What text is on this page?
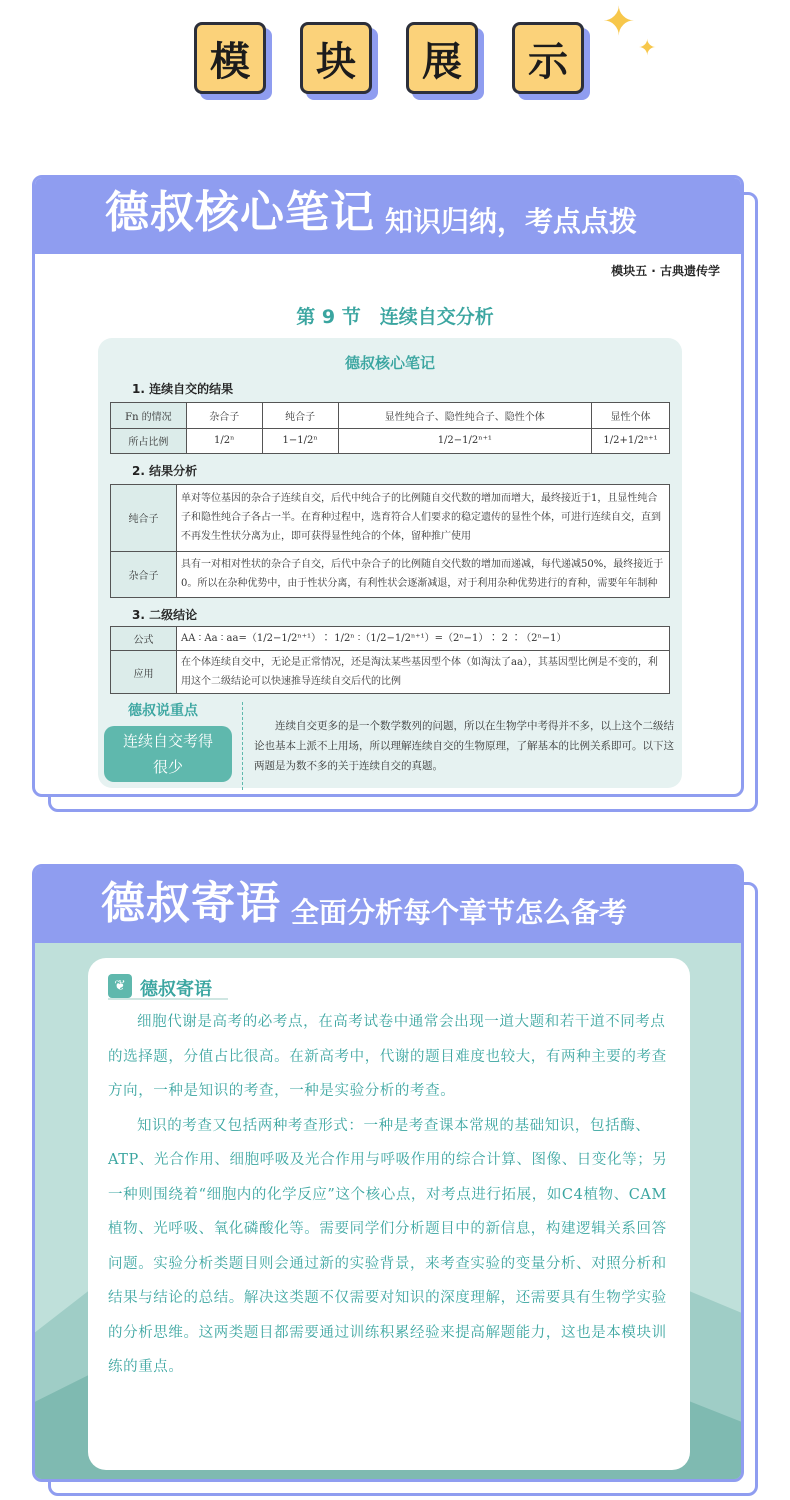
模	块	展	示
✦
✦
德叔核心笔记 知识归纳，考点点拨
模块五 · 古典遗传学
第 9 节　连续自交分析
德叔核心笔记
1. 连续自交的结果
Fn 的情况	杂合子	纯合子	显性纯合子、隐性纯合子、隐性个体	显性个体
所占比例	1/2ⁿ	1−1/2ⁿ	1/2−1/2ⁿ⁺¹	1/2+1/2ⁿ⁺¹
2. 结果分析
纯合子	单对等位基因的杂合子连续自交，后代中纯合子的比例随自交代数的增加而增大，最终接近于1，且显性纯合子和隐性纯合子各占一半。在育种过程中，选育符合人们要求的稳定遗传的显性个体，可进行连续自交，直到不再发生性状分离为止，即可获得显性纯合的个体，留种推广使用
杂合子	具有一对相对性状的杂合子自交，后代中杂合子的比例随自交代数的增加而递减，每代递减50%，最终接近于0。所以在杂种优势中，由于性状分离，有利性状会逐渐减退，对于利用杂种优势进行的育种，需要年年制种
3. 二级结论
公式	AA ∶ Aa ∶ aa=（1/2−1/2ⁿ⁺¹）∶ 1/2ⁿ ∶（1/2−1/2ⁿ⁺¹）=（2ⁿ−1）∶ 2 ∶（2ⁿ−1）
应用	在个体连续自交中，无论是正常情况，还是淘汰某些基因型个体（如淘汰了aa），其基因型比例是不变的，利用这个二级结论可以快速推导连续自交后代的比例
德叔说重点
连续自交考得
很少
连续自交更多的是一个数学数列的问题，所以在生物学中考得并不多，以上这个二级结论也基本上派不上用场，所以理解连续自交的生物原理，了解基本的比例关系即可。以下这两题是为数不多的关于连续自交的真题。
德叔寄语 全面分析每个章节怎么备考
❦ 德叔寄语

细胞代谢是高考的必考点，在高考试卷中通常会出现一道大题和若干道不同考点的选择题，分值占比很高。在新高考中，代谢的题目难度也较大，有两种主要的考查方向，一种是知识的考查，一种是实验分析的考查。

知识的考查又包括两种考查形式：一种是考查课本常规的基础知识，包括酶、ATP、光合作用、细胞呼吸及光合作用与呼吸作用的综合计算、图像、日变化等；另一种则围绕着“细胞内的化学反应”这个核心点，对考点进行拓展，如C4植物、CAM植物、光呼吸、氧化磷酸化等。需要同学们分析题目中的新信息，构建逻辑关系回答问题。实验分析类题目则会通过新的实验背景，来考查实验的变量分析、对照分析和结果与结论的总结。解决这类题不仅需要对知识的深度理解，还需要具有生物学实验的分析思维。这两类题目都需要通过训练积累经验来提高解题能力，这也是本模块训练的重点。
